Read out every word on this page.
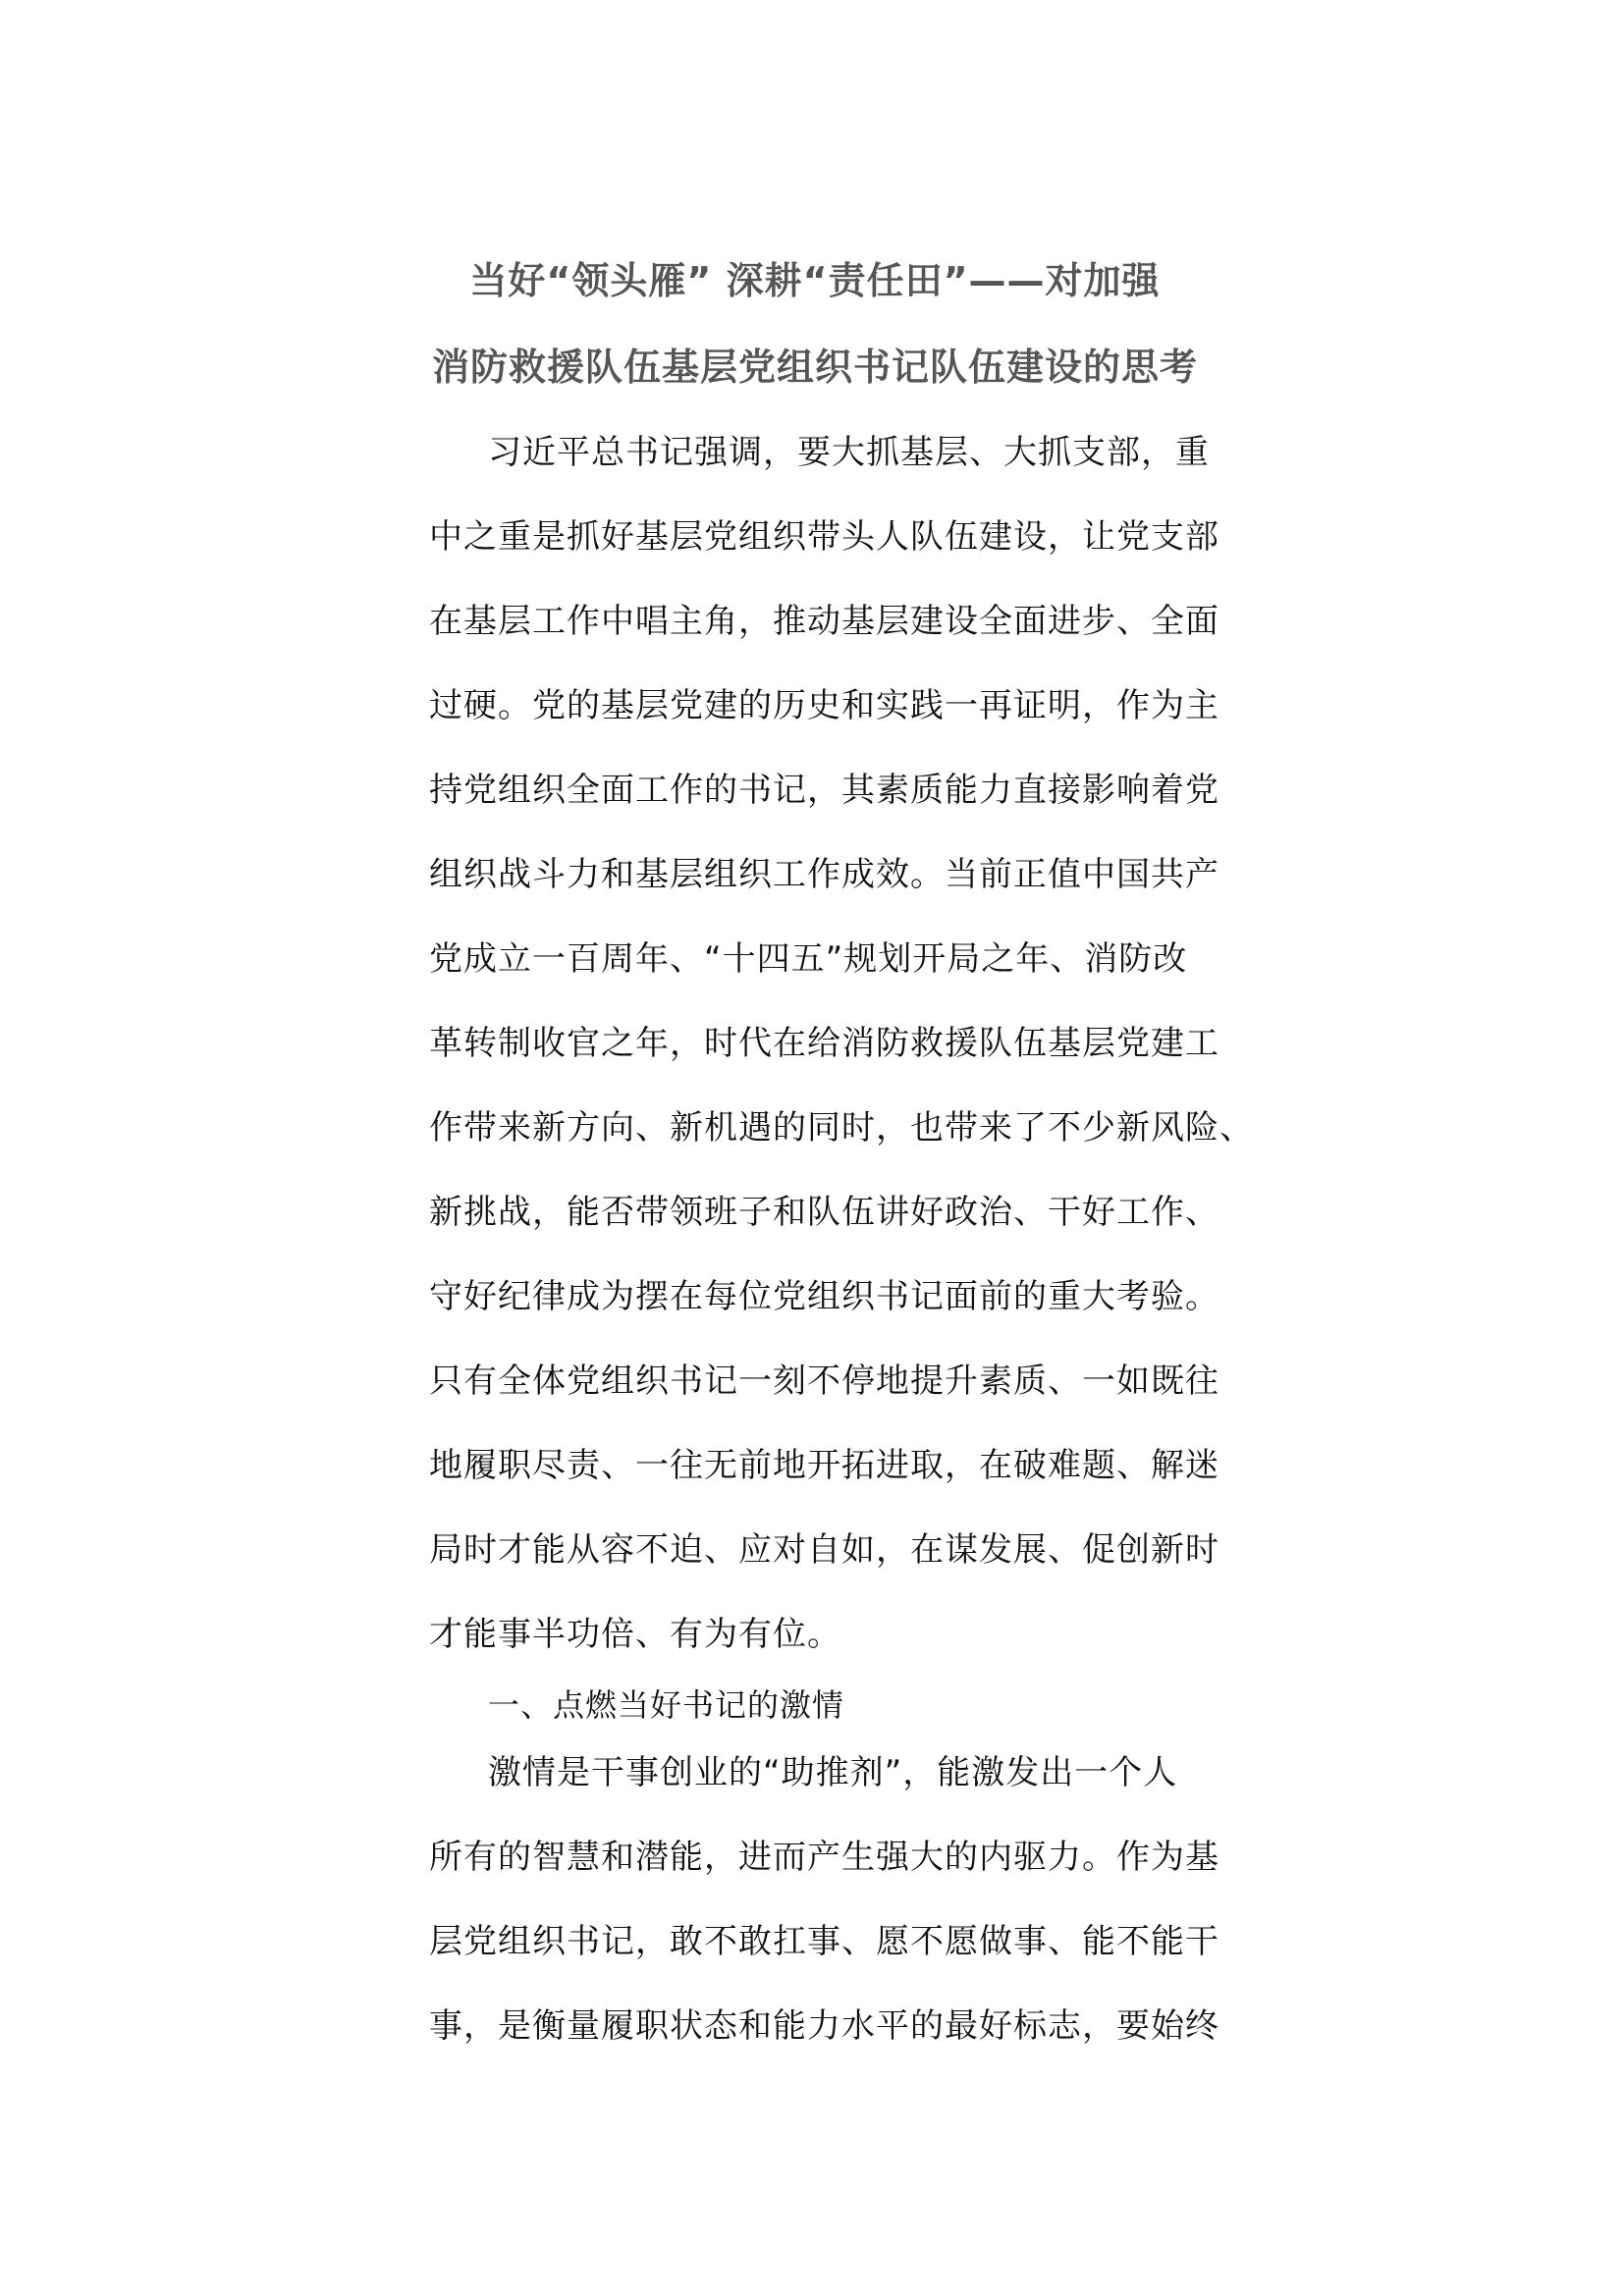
当好“领头雁” 深耕“责任田”——对加强
消防救援队伍基层党组织书记队伍建设的思考
习近平总书记强调，要大抓基层、大抓支部，重
中之重是抓好基层党组织带头人队伍建设，让党支部
在基层工作中唱主角，推动基层建设全面进步、全面
过硬。党的基层党建的历史和实践一再证明，作为主
持党组织全面工作的书记，其素质能力直接影响着党
组织战斗力和基层组织工作成效。当前正值中国共产
党成立一百周年、“十四五”规划开局之年、消防改
革转制收官之年，时代在给消防救援队伍基层党建工
作带来新方向、新机遇的同时，也带来了不少新风险、
新挑战，能否带领班子和队伍讲好政治、干好工作、
守好纪律成为摆在每位党组织书记面前的重大考验。
只有全体党组织书记一刻不停地提升素质、一如既往
地履职尽责、一往无前地开拓进取，在破难题、解迷
局时才能从容不迫、应对自如，在谋发展、促创新时
才能事半功倍、有为有位。
一、点燃当好书记的激情
激情是干事创业的“助推剂”，能激发出一个人
所有的智慧和潜能，进而产生强大的内驱力。作为基
层党组织书记，敢不敢扛事、愿不愿做事、能不能干
事，是衡量履职状态和能力水平的最好标志，要始终
